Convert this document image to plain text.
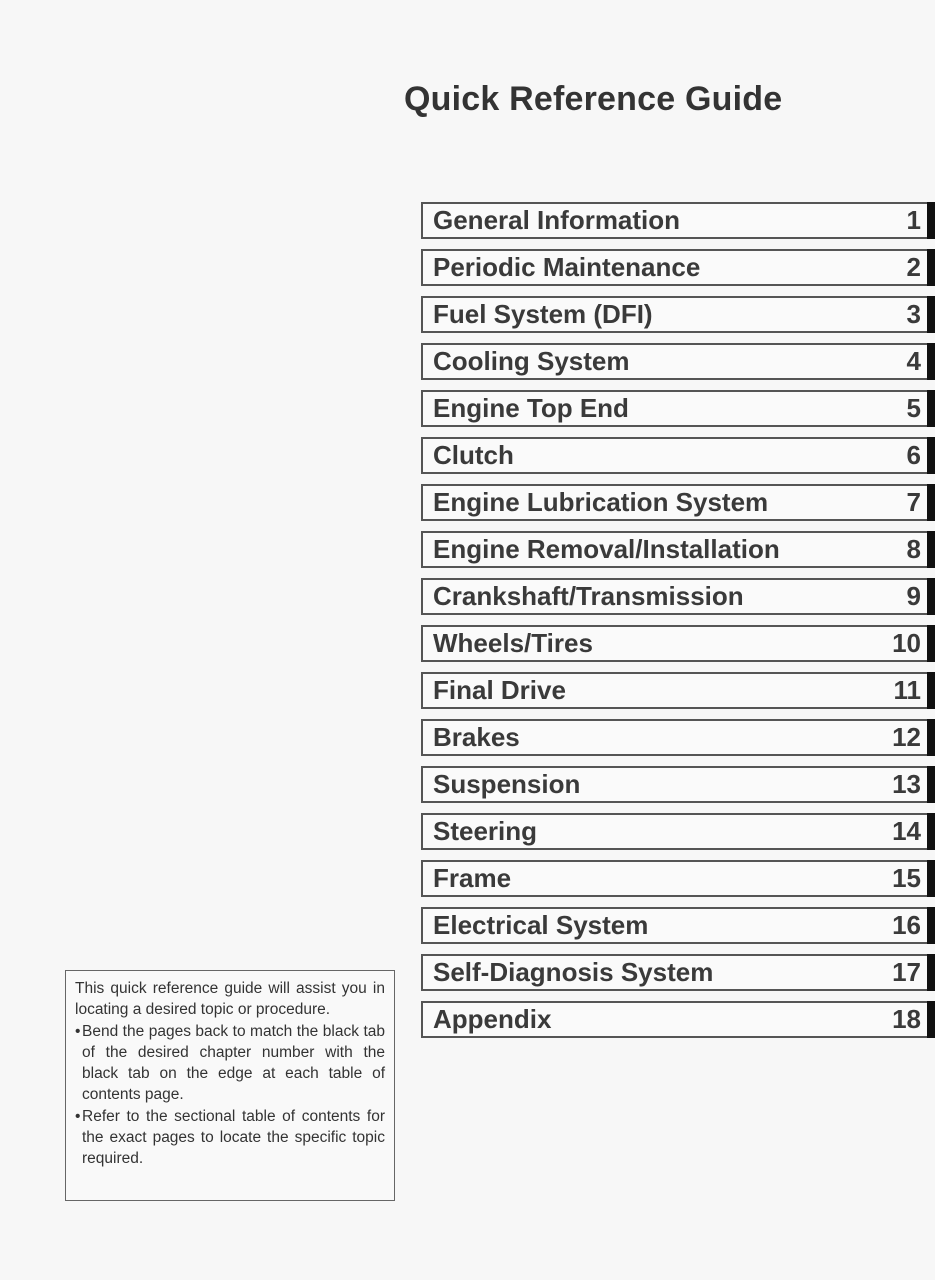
Quick Reference Guide
General Information	1
Periodic Maintenance	2
Fuel System (DFI)	3
Cooling System	4
Engine Top End	5
Clutch	6
Engine Lubrication System	7
Engine Removal/Installation	8
Crankshaft/Transmission	9
Wheels/Tires	10
Final Drive	11
Brakes	12
Suspension	13
Steering	14
Frame	15
Electrical System	16
Self-Diagnosis System	17
Appendix	18

This quick reference guide will assist you in locating a desired topic or procedure.

• Bend the pages back to match the black tab of the desired chapter number with the black tab on the edge at each table of contents page.

• Refer to the sectional table of contents for the exact pages to locate the specific topic required.
